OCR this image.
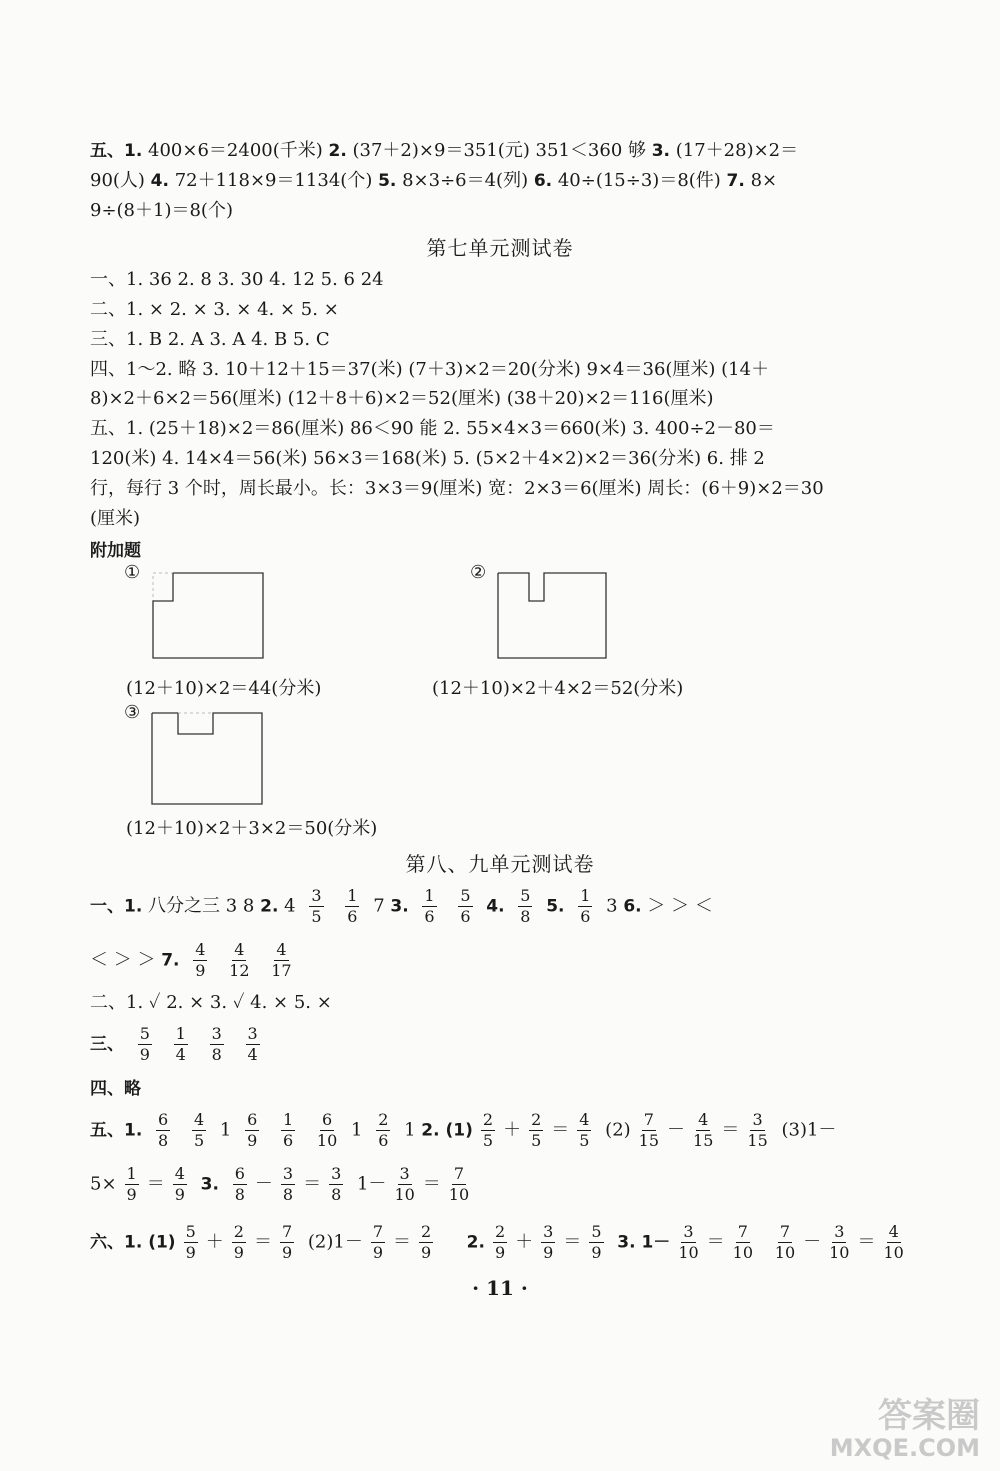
五、1. 400×6＝2400(千米) 2. (37＋2)×9＝351(元) 351＜360 够 3. (17＋28)×2＝
90(人) 4. 72＋118×9＝1134(个) 5. 8×3÷6＝4(列) 6. 40÷(15÷3)＝8(件) 7. 8×
9÷(8＋1)＝8(个)
第七单元测试卷
一、1. 36 2. 8 3. 30 4. 12 5. 6 24
二、1. × 2. × 3. × 4. × 5. ×
三、1. B 2. A 3. A 4. B 5. C
四、1～2. 略 3. 10＋12＋15＝37(米) (7＋3)×2＝20(分米) 9×4＝36(厘米) (14＋
8)×2＋6×2＝56(厘米) (12＋8＋6)×2＝52(厘米) (38＋20)×2＝116(厘米)
五、1. (25＋18)×2＝86(厘米) 86＜90 能 2. 55×4×3＝660(米) 3. 400÷2－80＝
120(米) 4. 14×4＝56(米) 56×3＝168(米) 5. (5×2＋4×2)×2＝36(分米) 6. 排 2
行，每行 3 个时，周长最小。长：3×3＝9(厘米) 宽：2×3＝6(厘米) 周长：(6＋9)×2＝30
(厘米)
附加题
①
(12＋10)×2＝44(分米)
②
(12＋10)×2＋4×2＝52(分米)
③
(12＋10)×2＋3×2＝50(分米)
第八、九单元测试卷
一、1. 八分之三 3 8 2. $4 \frac{3}{5}$
$\frac{1}{6} 7$ 3. $\frac{1}{6}$
$\frac{5}{6} 4$. $\frac{5}{8} 5$. $\frac{1}{6} 3$ 6. ＞ ＞ ＜
＜ ＞ ＞ 7. $\frac{4}{9}$
$\frac{4}{12}$
$\frac{4}{17}$
二、1. ✓ 2. × 3. ✓ 4. × 5. ×
三、 $\frac{5}{9}$
$\frac{1}{4}$
$\frac{3}{8}$
$\frac{3}{4}$
四、略
五、1. $\frac{6}{8}$
$\frac{4}{5} 1 \frac{6}{9}$
$\frac{1}{6}$
$\frac{6}{10} 1 \frac{2}{6} 1$ 2. $(1) \frac{2}{5} + \frac{2}{5} = \frac{4}{5} (2) \frac{7}{15} - \frac{4}{15} = \frac{3}{15} (3)1-$
$5\times \frac{1}{9} = \frac{4}{9} 3$. $\frac{6}{8} - \frac{3}{8} = \frac{3}{8} 1- \frac{3}{10} = \frac{7}{10}$
六、1. $(1) \frac{5}{9} + \frac{2}{9} = \frac{7}{9} (2)1- \frac{7}{9} = \frac{2}{9} 2$. $\frac{2}{9} + \frac{3}{9} = \frac{5}{9} 3$. $1- \frac{3}{10} = \frac{7}{10}$
$\frac{7}{10} - \frac{3}{10} = \frac{4}{10}$
· 11 ·
答案圈
MXQE.COM
